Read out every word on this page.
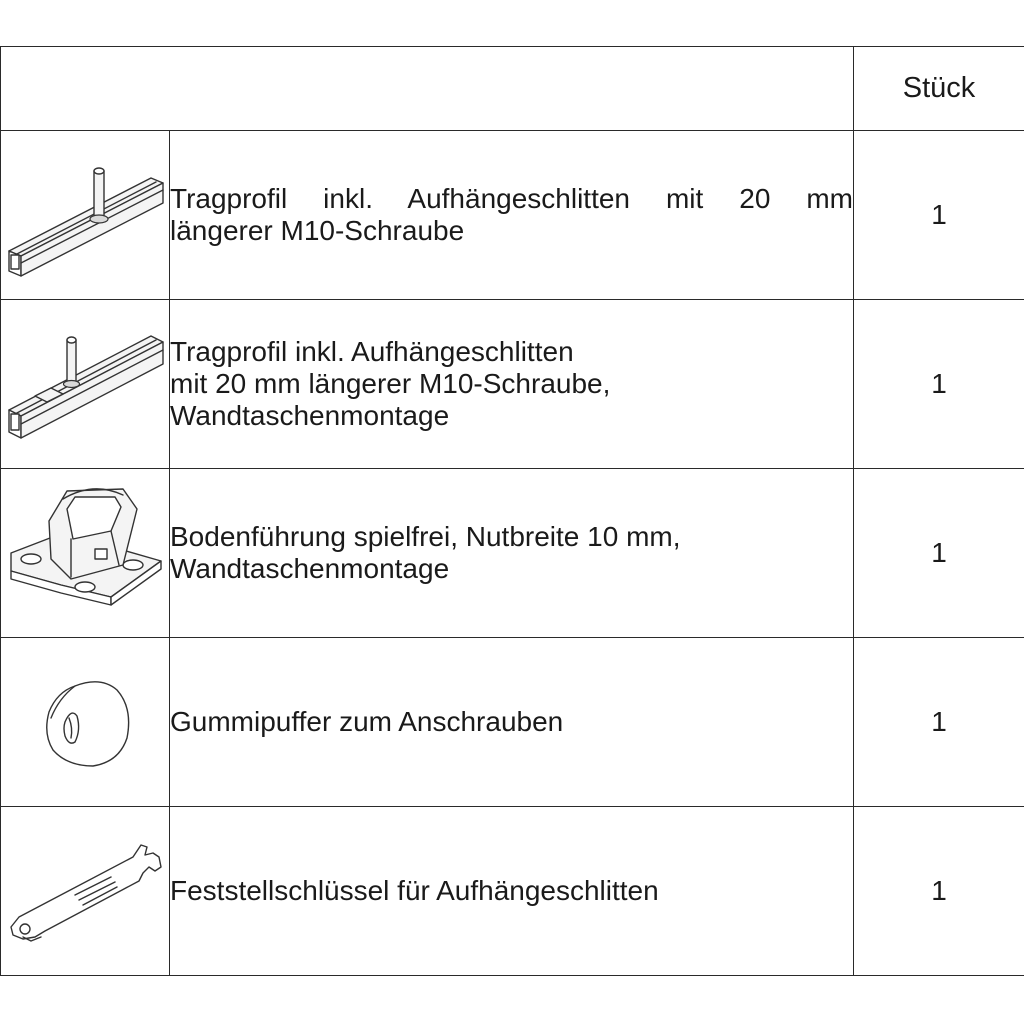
		Stück

Tragprofil inkl. Aufhängeschlitten mit 20 mm
längerer M10-Schraube	1

Tragprofil inkl. Aufhängeschlitten
mit 20 mm längerer M10-Schraube,
Wandtaschenmontage	1

Bodenführung spielfrei, Nutbreite 10 mm,
Wandtaschenmontage	1

Gummipuffer zum Anschrauben	1

Feststellschlüssel für Aufhängeschlitten	1
